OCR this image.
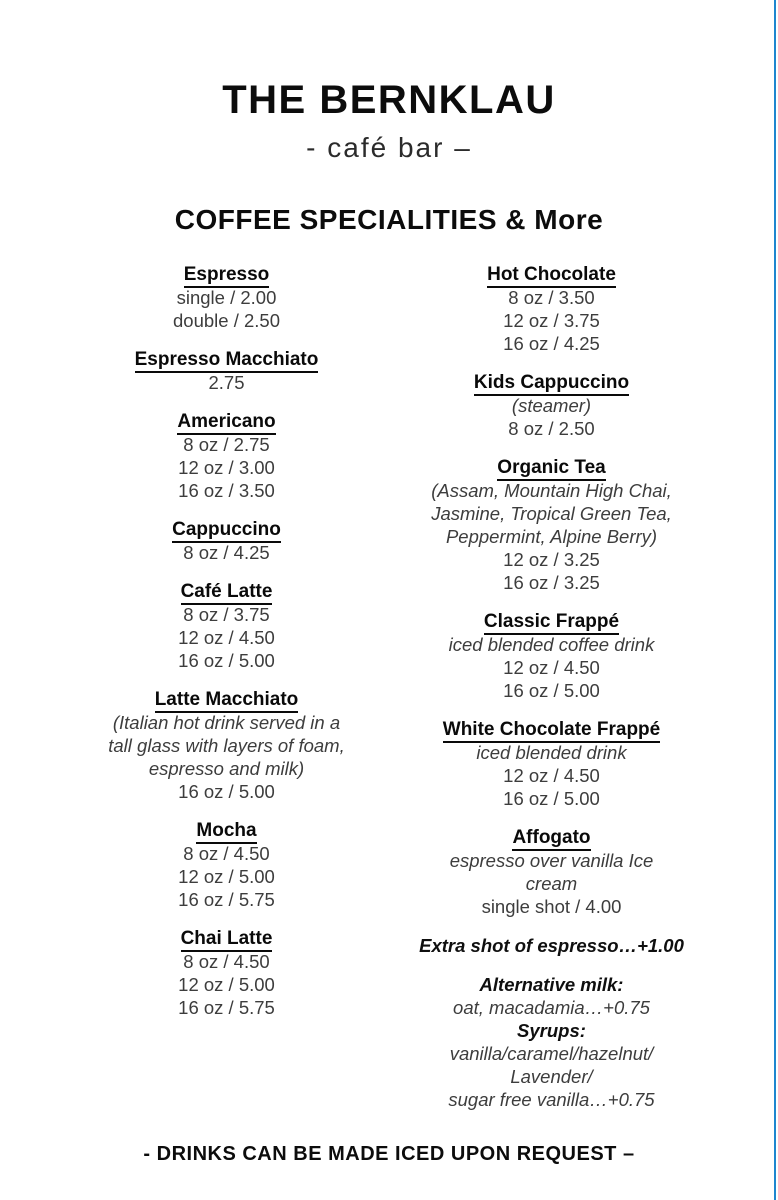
THE BERNKLAU
- café bar –
COFFEE SPECIALITIES & More
Espresso
single / 2.00
double / 2.50
Espresso Macchiato
2.75
Americano
8 oz / 2.75
12 oz / 3.00
16 oz / 3.50
Cappuccino
8 oz / 4.25
Café Latte
8 oz / 3.75
12 oz / 4.50
16 oz / 5.00
Latte Macchiato
(Italian hot drink served in a
tall glass with layers of foam,
espresso and milk)
16 oz / 5.00
Mocha
8 oz / 4.50
12 oz / 5.00
16 oz / 5.75
Chai Latte
8 oz / 4.50
12 oz / 5.00
16 oz / 5.75
Hot Chocolate
8 oz / 3.50
12 oz / 3.75
16 oz / 4.25
Kids Cappuccino
(steamer)
8 oz / 2.50
Organic Tea
(Assam, Mountain High Chai,
Jasmine, Tropical Green Tea,
Peppermint, Alpine Berry)
12 oz / 3.25
16 oz / 3.25
Classic Frappé
iced blended coffee drink
12 oz / 4.50
16 oz / 5.00
White Chocolate Frappé
iced blended drink
12 oz / 4.50
16 oz / 5.00
Affogato
espresso over vanilla Ice
cream
single shot / 4.00
Extra shot of espresso…+1.00
Alternative milk:
oat, macadamia…+0.75
Syrups:
vanilla/caramel/hazelnut/
Lavender/
sugar free vanilla…+0.75
- DRINKS CAN BE MADE ICED UPON REQUEST –
